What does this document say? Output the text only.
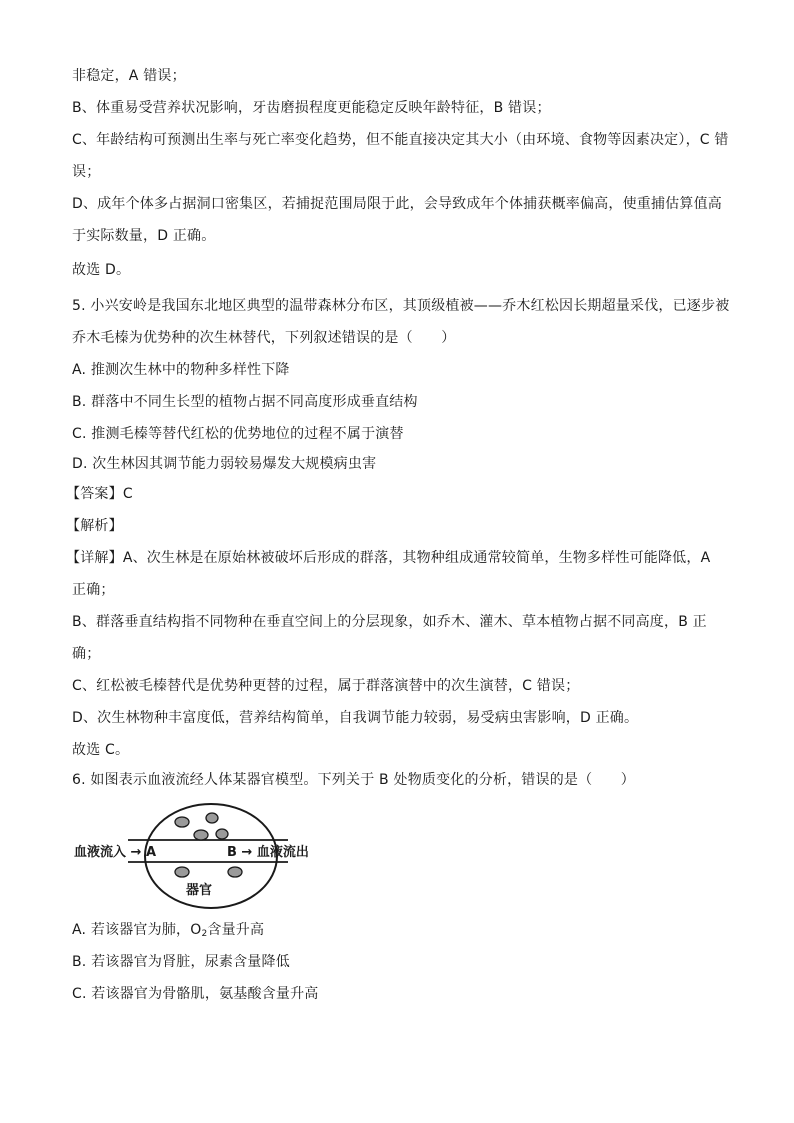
非稳定，A 错误；
B、体重易受营养状况影响，牙齿磨损程度更能稳定反映年龄特征，B 错误；
C、年龄结构可预测出生率与死亡率变化趋势，但不能直接决定其大小（由环境、食物等因素决定），C 错
误；
D、成年个体多占据洞口密集区，若捕捉范围局限于此，会导致成年个体捕获概率偏高，使重捕估算值高
于实际数量，D 正确。
故选 D。
5. 小兴安岭是我国东北地区典型的温带森林分布区，其顶级植被——乔木红松因长期超量采伐，已逐步被
乔木毛榛为优势种的次生林替代，下列叙述错误的是（　　）
A. 推测次生林中的物种多样性下降
B. 群落中不同生长型的植物占据不同高度形成垂直结构
C. 推测毛榛等替代红松的优势地位的过程不属于演替
D. 次生林因其调节能力弱较易爆发大规模病虫害
【答案】C
【解析】
【详解】A、次生林是在原始林被破坏后形成的群落，其物种组成通常较简单，生物多样性可能降低，A
正确；
B、群落垂直结构指不同物种在垂直空间上的分层现象，如乔木、灌木、草本植物占据不同高度，B 正
确；
C、红松被毛榛替代是优势种更替的过程，属于群落演替中的次生演替，C 错误；
D、次生林物种丰富度低，营养结构简单，自我调节能力较弱，易受病虫害影响，D 正确。
故选 C。
6. 如图表示血液流经人体某器官模型。下列关于 B 处物质变化的分析，错误的是（　　）
血液流入 → A	B → 血液流出
器官
A. 若该器官为肺，$O_2$含量升高
B. 若该器官为肾脏，尿素含量降低
C. 若该器官为骨骼肌，氨基酸含量升高
